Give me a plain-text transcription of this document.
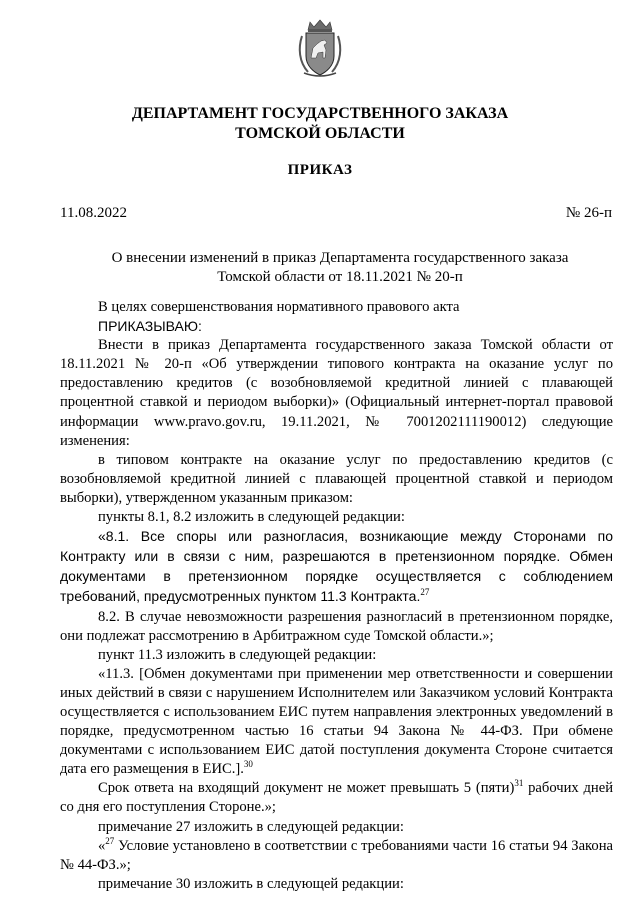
ДЕПАРТАМЕНТ ГОСУДАРСТВЕННОГО ЗАКАЗА
ТОМСКОЙ ОБЛАСТИ
ПРИКАЗ
11.08.2022	№ 26-п
О внесении изменений в приказ Департамента государственного заказа
Томской области от 18.11.2021 № 20-п

В целях совершенствования нормативного правового акта

ПРИКАЗЫВАЮ:

Внести в приказ Департамента государственного заказа Томской области от 18.11.2021 № 20-п «Об утверждении типового контракта на оказание услуг по предоставлению кредитов (с возобновляемой кредитной линией с плавающей процентной ставкой и периодом выборки)» (Официальный интернет-портал правовой информации www.pravo.gov.ru, 19.11.2021, № 7001202111190012) следующие изменения:

в типовом контракте на оказание услуг по предоставлению кредитов (с возобновляемой кредитной линией с плавающей процентной ставкой и периодом выборки), утвержденном указанным приказом:

пункты 8.1, 8.2 изложить в следующей редакции:

«8.1. Все споры или разногласия, возникающие между Сторонами по Контракту или в связи с ним, разрешаются в претензионном порядке. Обмен документами в претензионном порядке осуществляется с соблюдением требований, предусмотренных пунктом 11.3 Контракта.$^{27}$

8.2. В случае невозможности разрешения разногласий в претензионном порядке, они подлежат рассмотрению в Арбитражном суде Томской области.»;

пункт 11.3 изложить в следующей редакции:

«11.3. [Обмен документами при применении мер ответственности и совершении иных действий в связи с нарушением Исполнителем или Заказчиком условий Контракта осуществляется с использованием ЕИС путем направления электронных уведомлений в порядке, предусмотренном частью 16 статьи 94 Закона № 44-ФЗ. При обмене документами с использованием ЕИС датой поступления документа Стороне считается дата его размещения в ЕИС.].$^{30}$

Срок ответа на входящий документ не может превышать 5 (пяти)$^{31}$ рабочих дней со дня его поступления Стороне.»;

примечание 27 изложить в следующей редакции:

«$^{27}$ Условие установлено в соответствии с требованиями части 16 статьи 94 Закона № 44-ФЗ.»;

примечание 30 изложить в следующей редакции:
